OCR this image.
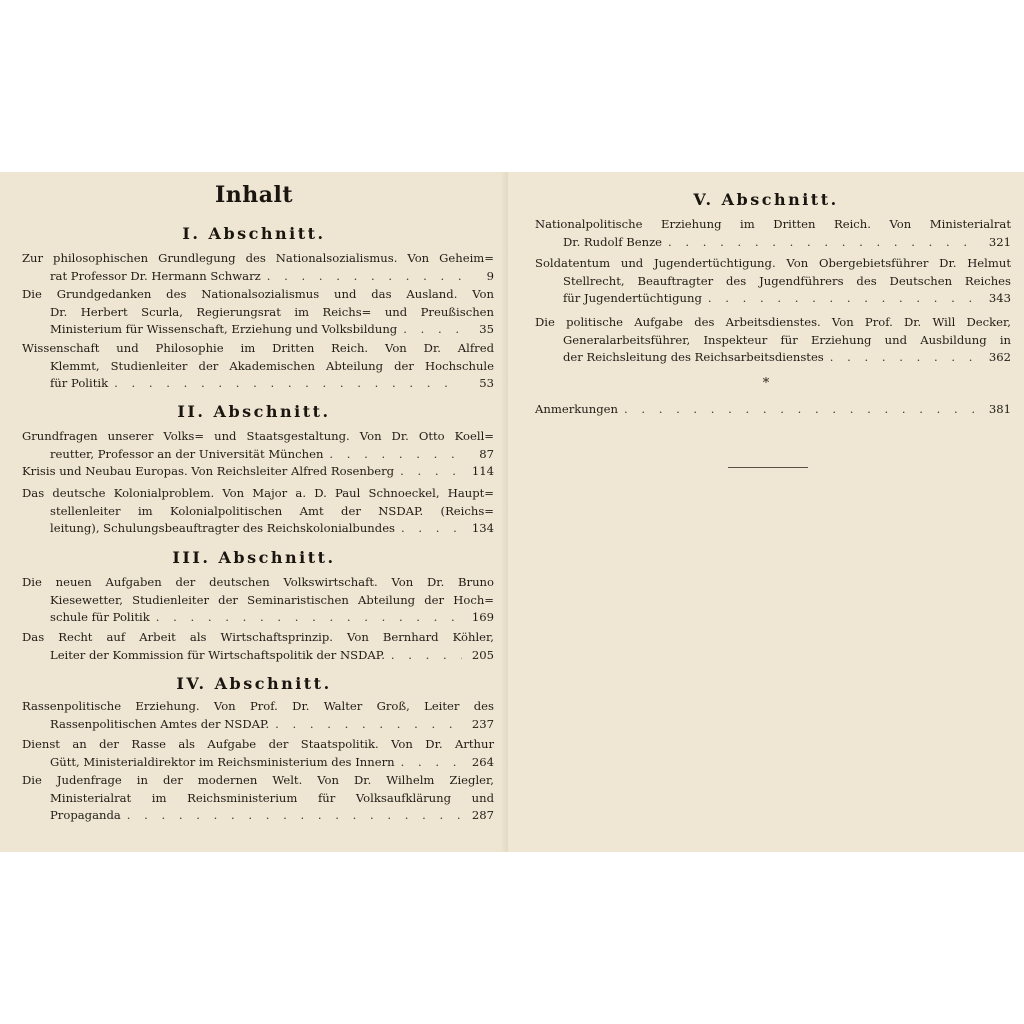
Inhalt
I. Abschnitt.
Zur philosophischen Grundlegung des Nationalsozialismus. Von Geheim=
rat Professor Dr. Hermann Schwarz . . .	9
Die Grundgedanken des Nationalsozialismus und das Ausland. Von
Dr. Herbert Scurla, Regierungsrat im Reichs= und Preußischen
Ministerium für Wissenschaft, Erziehung und Volksbildung . . .	35
Wissenschaft und Philosophie im Dritten Reich. Von Dr. Alfred
Klemmt, Studienleiter der Akademischen Abteilung der Hochschule
für Politik . . .	53
II. Abschnitt.
Grundfragen unserer Volks= und Staatsgestaltung. Von Dr. Otto Koell=
reutter, Professor an der Universität München . . .	87
Krisis und Neubau Europas. Von Reichsleiter Alfred Rosenberg . . .	114
Das deutsche Kolonialproblem. Von Major a. D. Paul Schnoeckel, Haupt=
stellenleiter im Kolonialpolitischen Amt der NSDAP. (Reichs=
leitung), Schulungsbeauftragter des Reichskolonialbundes . . .	134
III. Abschnitt.
Die neuen Aufgaben der deutschen Volkswirtschaft. Von Dr. Bruno
Kiesewetter, Studienleiter der Seminaristischen Abteilung der Hoch=
schule für Politik . . .	169
Das Recht auf Arbeit als Wirtschaftsprinzip. Von Bernhard Köhler,
Leiter der Kommission für Wirtschaftspolitik der NSDAP. . . .	205
IV. Abschnitt.
Rassenpolitische Erziehung. Von Prof. Dr. Walter Groß, Leiter des
Rassenpolitischen Amtes der NSDAP. . . .	237
Dienst an der Rasse als Aufgabe der Staatspolitik. Von Dr. Arthur
Gütt, Ministerialdirektor im Reichsministerium des Innern . . .	264
Die Judenfrage in der modernen Welt. Von Dr. Wilhelm Ziegler,
Ministerialrat im Reichsministerium für Volksaufklärung und
Propaganda . . .	287
V. Abschnitt.
Nationalpolitische Erziehung im Dritten Reich. Von Ministerialrat
Dr. Rudolf Benze . . .	321
Soldatentum und Jugendertüchtigung. Von Obergebietsführer Dr. Helmut
Stellrecht, Beauftragter des Jugendführers des Deutschen Reiches
für Jugendertüchtigung . . .	343
Die politische Aufgabe des Arbeitsdienstes. Von Prof. Dr. Will Decker,
Generalarbeitsführer, Inspekteur für Erziehung und Ausbildung in
der Reichsleitung des Reichsarbeitsdienstes . . .	362
*
Anmerkungen . . .	381
